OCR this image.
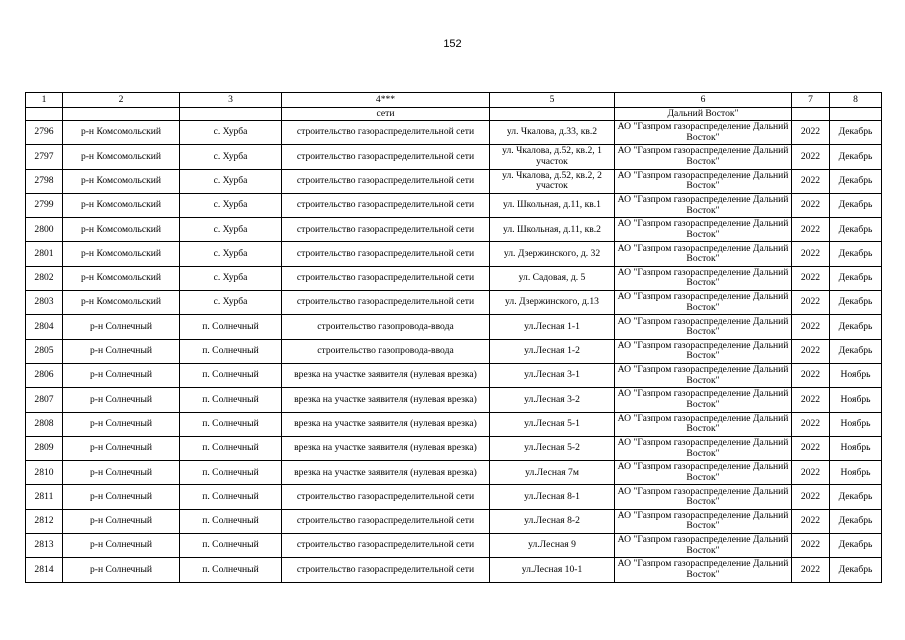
152
1	2	3	4***	5	6	7	8
			сети		Дальний Восток"		
2796	р-н Комсомольский	с. Хурба	строительство газораспределительной сети	ул. Чкалова, д.33, кв.2	АО "Газпром газораспределение Дальний Восток"	2022	Декабрь
2797	р-н Комсомольский	с. Хурба	строительство газораспределительной сети	ул. Чкалова, д.52, кв.2, 1 участок	АО "Газпром газораспределение Дальний Восток"	2022	Декабрь
2798	р-н Комсомольский	с. Хурба	строительство газораспределительной сети	ул. Чкалова, д.52, кв.2, 2 участок	АО "Газпром газораспределение Дальний Восток"	2022	Декабрь
2799	р-н Комсомольский	с. Хурба	строительство газораспределительной сети	ул. Школьная, д.11, кв.1	АО "Газпром газораспределение Дальний Восток"	2022	Декабрь
2800	р-н Комсомольский	с. Хурба	строительство газораспределительной сети	ул. Школьная, д.11, кв.2	АО "Газпром газораспределение Дальний Восток"	2022	Декабрь
2801	р-н Комсомольский	с. Хурба	строительство газораспределительной сети	ул. Дзержинского, д. 32	АО "Газпром газораспределение Дальний Восток"	2022	Декабрь
2802	р-н Комсомольский	с. Хурба	строительство газораспределительной сети	ул. Садовая, д. 5	АО "Газпром газораспределение Дальний Восток"	2022	Декабрь
2803	р-н Комсомольский	с. Хурба	строительство газораспределительной сети	ул. Дзержинского, д.13	АО "Газпром газораспределение Дальний Восток"	2022	Декабрь
2804	р-н Солнечный	п. Солнечный	строительство газопровода-ввода	ул.Лесная 1-1	АО "Газпром газораспределение Дальний Восток"	2022	Декабрь
2805	р-н Солнечный	п. Солнечный	строительство газопровода-ввода	ул.Лесная 1-2	АО "Газпром газораспределение Дальний Восток"	2022	Декабрь
2806	р-н Солнечный	п. Солнечный	врезка на участке заявителя (нулевая врезка)	ул.Лесная 3-1	АО "Газпром газораспределение Дальний Восток"	2022	Ноябрь
2807	р-н Солнечный	п. Солнечный	врезка на участке заявителя (нулевая врезка)	ул.Лесная 3-2	АО "Газпром газораспределение Дальний Восток"	2022	Ноябрь
2808	р-н Солнечный	п. Солнечный	врезка на участке заявителя (нулевая врезка)	ул.Лесная 5-1	АО "Газпром газораспределение Дальний Восток"	2022	Ноябрь
2809	р-н Солнечный	п. Солнечный	врезка на участке заявителя (нулевая врезка)	ул.Лесная 5-2	АО "Газпром газораспределение Дальний Восток"	2022	Ноябрь
2810	р-н Солнечный	п. Солнечный	врезка на участке заявителя (нулевая врезка)	ул.Лесная 7м	АО "Газпром газораспределение Дальний Восток"	2022	Ноябрь
2811	р-н Солнечный	п. Солнечный	строительство газораспределительной сети	ул.Лесная 8-1	АО "Газпром газораспределение Дальний Восток"	2022	Декабрь
2812	р-н Солнечный	п. Солнечный	строительство газораспределительной сети	ул.Лесная 8-2	АО "Газпром газораспределение Дальний Восток"	2022	Декабрь
2813	р-н Солнечный	п. Солнечный	строительство газораспределительной сети	ул.Лесная 9	АО "Газпром газораспределение Дальний Восток"	2022	Декабрь
2814	р-н Солнечный	п. Солнечный	строительство газораспределительной сети	ул.Лесная 10-1	АО "Газпром газораспределение Дальний Восток"	2022	Декабрь
